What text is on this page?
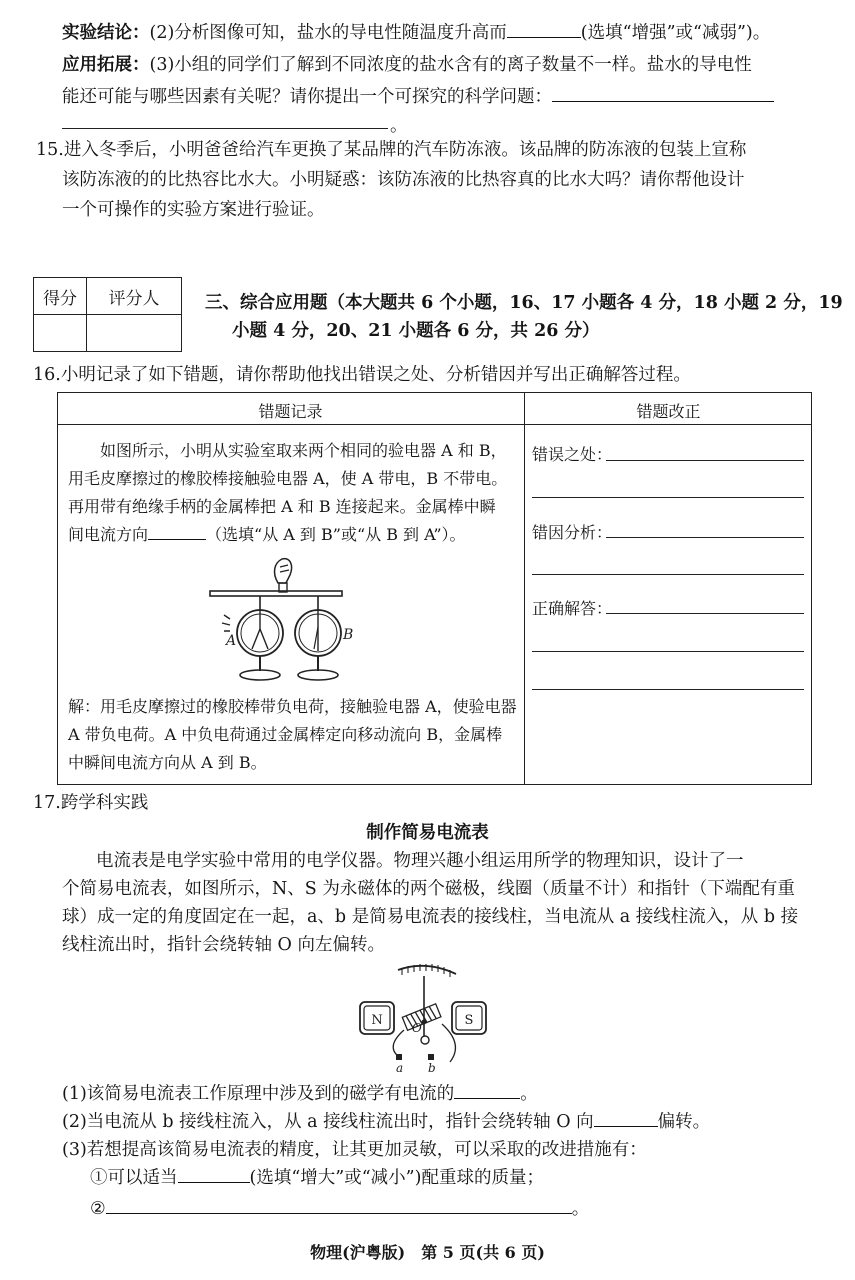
实验结论：(2)分析图像可知，盐水的导电性随温度升高而	(选填“增强”或“减弱”)。
应用拓展：(3)小组的同学们了解到不同浓度的盐水含有的离子数量不一样。盐水的导电性
能还可能与哪些因素有关呢？请你提出一个可探究的科学问题：
。
15.进入冬季后，小明爸爸给汽车更换了某品牌的汽车防冻液。该品牌的防冻液的包装上宣称
该防冻液的的比热容比水大。小明疑惑：该防冻液的比热容真的比水大吗？请你帮他设计
一个可操作的实验方案进行验证。
得分	评分人
		三、综合应用题（本大题共 6 个小题，16、17 小题各 4 分，18 小题 2 分，19
小题 4 分，20、21 小题各 6 分，共 26 分）
16.小明记录了如下错题，请你帮助他找出错误之处、分析错因并写出正确解答过程。
错题记录	错题改正
如图所示，小明从实验室取来两个相同的验电器 A 和 B，
用毛皮摩擦过的橡胶棒接触验电器 A，使 A 带电，B 不带电。
再用带有绝缘手柄的金属棒把 A 和 B 连接起来。金属棒中瞬
间电流方向	（选填“从 A 到 B”或“从 B 到 A”）。
A	B
解：用毛皮摩擦过的橡胶棒带负电荷，接触验电器 A，使验电器
A 带负电荷。A 中负电荷通过金属棒定向移动流向 B，金属棒
中瞬间电流方向从 A 到 B。
错误之处：
错因分析：
正确解答：
17.跨学科实践
制作简易电流表
电流表是电学实验中常用的电学仪器。物理兴趣小组运用所学的物理知识，设计了一
个简易电流表，如图所示，N、S 为永磁体的两个磁极，线圈（质量不计）和指针（下端配有重
球）成一定的角度固定在一起，a、b 是简易电流表的接线柱，当电流从 a 接线柱流入，从 b 接
线柱流出时，指针会绕转轴 O 向左偏转。
N	S
O
a b
(1)该简易电流表工作原理中涉及到的磁学有电流的	。
(2)当电流从 b 接线柱流入，从 a 接线柱流出时，指针会绕转轴 O 向	偏转。
(3)若想提高该简易电流表的精度，让其更加灵敏，可以采取的改进措施有：
①可以适当	(选填“增大”或“减小”)配重球的质量；
②	。
物理(沪粤版)　第 5 页(共 6 页)
